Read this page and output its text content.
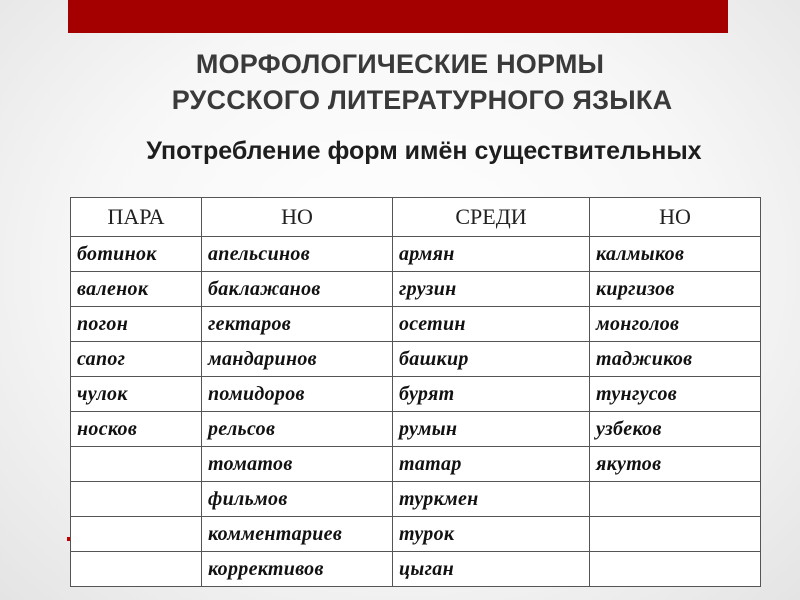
МОРФОЛОГИЧЕСКИЕ НОРМЫ
РУССКОГО ЛИТЕРАТУРНОГО ЯЗЫКА
Употребление форм имён существительных
ПАРА	НО	СРЕДИ	НО
ботинок	апельсинов	армян	калмыков
валенок	баклажанов	грузин	киргизов
погон	гектаров	осетин	монголов
сапог	мандаринов	башкир	таджиков
чулок	помидоров	бурят	тунгусов
носков	рельсов	румын	узбеков
	томатов	татар	якутов
	фильмов	туркмен	
	комментариев	турок	
	коррективов	цыган	
